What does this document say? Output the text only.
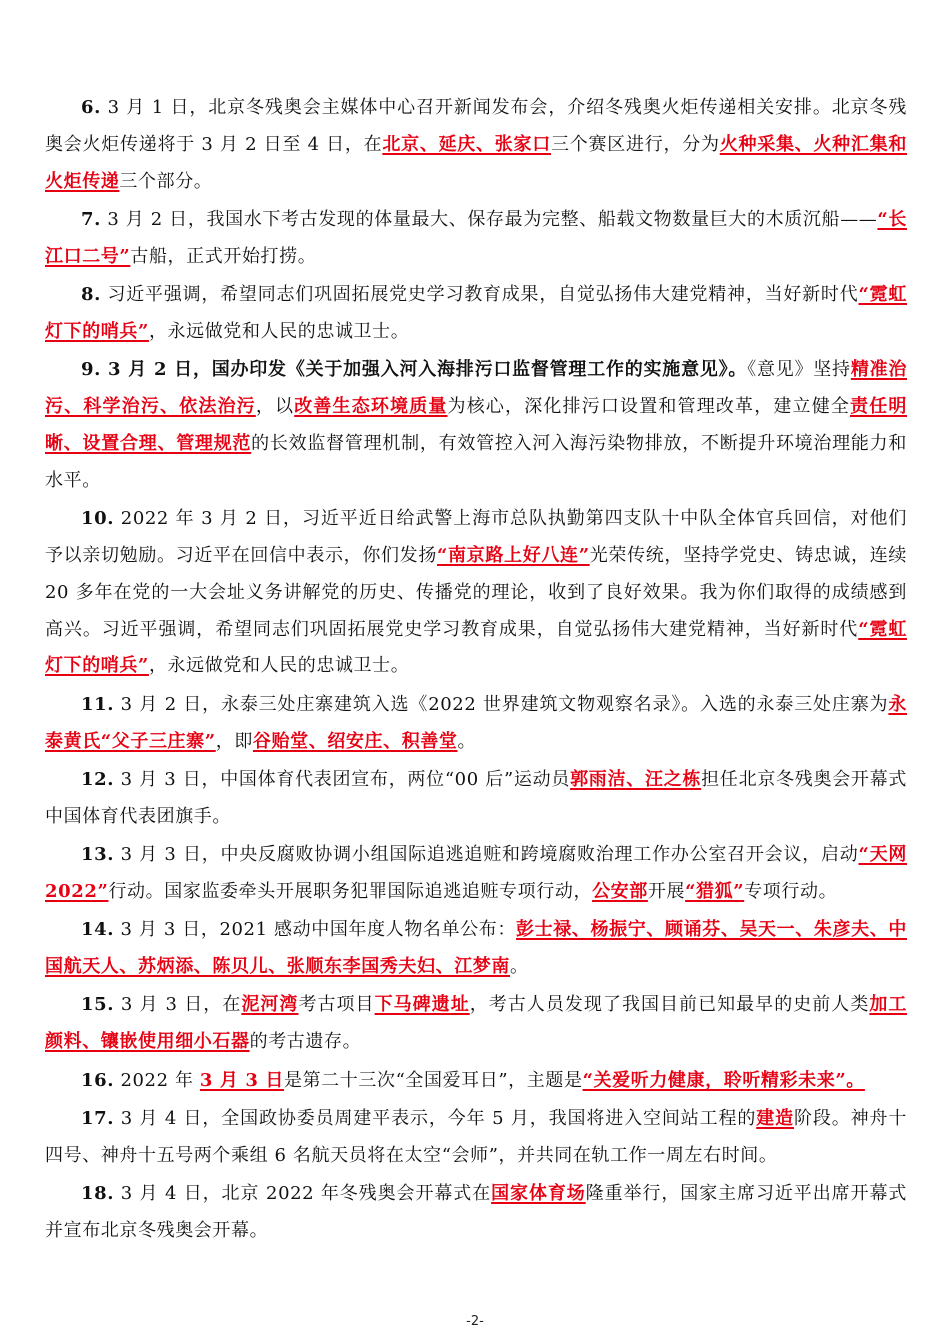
6. 3 月 1 日，北京冬残奥会主媒体中心召开新闻发布会，介绍冬残奥火炬传递相关安排。北京冬残奥会火炬传递将于 3 月 2 日至 4 日，在北京、延庆、张家口三个赛区进行，分为火种采集、火种汇集和火炬传递三个部分。

7. 3 月 2 日，我国水下考古发现的体量最大、保存最为完整、船载文物数量巨大的木质沉船——“长江口二号”古船，正式开始打捞。

8. 习近平强调，希望同志们巩固拓展党史学习教育成果，自觉弘扬伟大建党精神，当好新时代“霓虹灯下的哨兵”，永远做党和人民的忠诚卫士。

9. 3 月 2 日，国办印发《关于加强入河入海排污口监督管理工作的实施意见》。《意见》坚持精准治污、科学治污、依法治污，以改善生态环境质量为核心，深化排污口设置和管理改革，建立健全责任明晰、设置合理、管理规范的长效监督管理机制，有效管控入河入海污染物排放，不断提升环境治理能力和水平。

10. 2022 年 3 月 2 日，习近平近日给武警上海市总队执勤第四支队十中队全体官兵回信，对他们予以亲切勉励。习近平在回信中表示，你们发扬“南京路上好八连”光荣传统，坚持学党史、铸忠诚，连续 20 多年在党的一大会址义务讲解党的历史、传播党的理论，收到了良好效果。我为你们取得的成绩感到高兴。习近平强调，希望同志们巩固拓展党史学习教育成果，自觉弘扬伟大建党精神，当好新时代“霓虹灯下的哨兵”，永远做党和人民的忠诚卫士。

11. 3 月 2 日，永泰三处庄寨建筑入选《2022 世界建筑文物观察名录》。入选的永泰三处庄寨为永泰黄氏“父子三庄寨”，即谷贻堂、绍安庄、积善堂。

12. 3 月 3 日，中国体育代表团宣布，两位“00 后”运动员郭雨洁、汪之栋担任北京冬残奥会开幕式中国体育代表团旗手。

13. 3 月 3 日，中央反腐败协调小组国际追逃追赃和跨境腐败治理工作办公室召开会议，启动“天网 2022”行动。国家监委牵头开展职务犯罪国际追逃追赃专项行动，公安部开展“猎狐”专项行动。

14. 3 月 3 日，2021 感动中国年度人物名单公布：彭士禄、杨振宁、顾诵芬、吴天一、朱彦夫、中国航天人、苏炳添、陈贝儿、张顺东李国秀夫妇、江梦南。

15. 3 月 3 日，在泥河湾考古项目下马碑遗址，考古人员发现了我国目前已知最早的史前人类加工颜料、镶嵌使用细小石器的考古遗存。

16. 2022 年 3 月 3 日是第二十三次“全国爱耳日”，主题是“关爱听力健康，聆听精彩未来”。

17. 3 月 4 日，全国政协委员周建平表示，今年 5 月，我国将进入空间站工程的建造阶段。神舟十四号、神舟十五号两个乘组 6 名航天员将在太空“会师”，并共同在轨工作一周左右时间。

18. 3 月 4 日，北京 2022 年冬残奥会开幕式在国家体育场隆重举行，国家主席习近平出席开幕式并宣布北京冬残奥会开幕。

-2-
